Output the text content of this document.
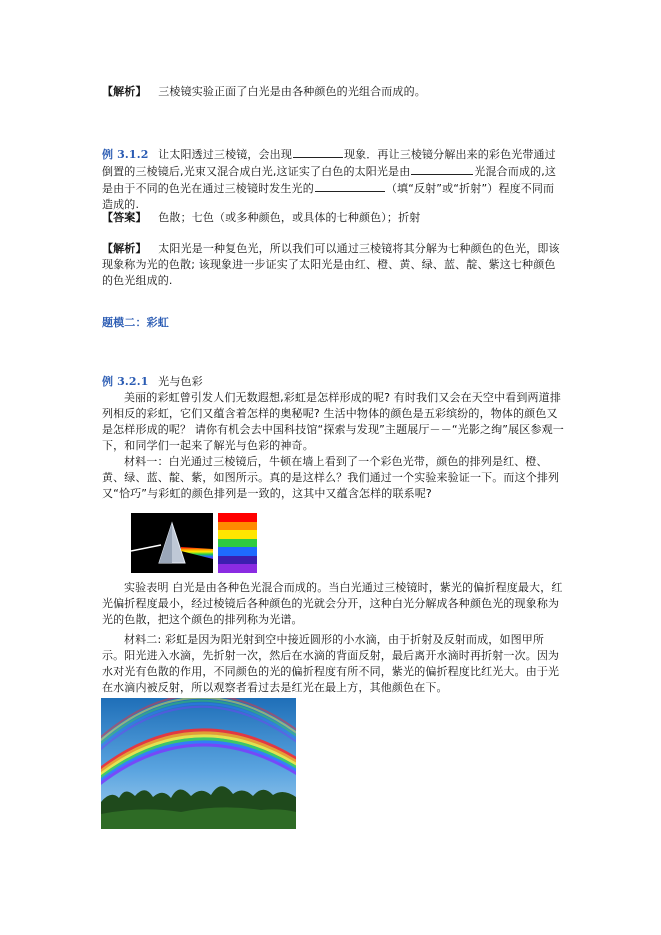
【解析】 三棱镜实验正面了白光是由各种颜色的光组合而成的。
例 3.1.2 让太阳透过三棱镜，会出现	现象．再让三棱镜分解出来的彩色光带通过倒置的三棱镜后,光束又混合成白光,这证实了白色的太阳光是由	光混合而成的,这是由于不同的色光在通过三棱镜时发生光的	（填“反射”或“折射”）程度不同而造成的.
【答案】 色散；七色（或多种颜色，或具体的七种颜色）；折射
【解析】 太阳光是一种复色光，所以我们可以通过三棱镜将其分解为七种颜色的色光，即该现象称为光的色散; 该现象进一步证实了太阳光是由红、橙、黄、绿、蓝、靛、紫这七种颜色的色光组成的.
题模二：彩虹
例 3.2.1 光与色彩
美丽的彩虹曾引发人们无数遐想,彩虹是怎样形成的呢? 有时我们又会在天空中看到两道排列相反的彩虹，它们又蕴含着怎样的奥秘呢? 生活中物体的颜色是五彩缤纷的，物体的颜色又是怎样形成的呢？ 请你有机会去中国科技馆“探索与发现”主题展厅－－“光影之绚”展区参观一下，和同学们一起来了解光与色彩的神奇。
材料一：白光通过三棱镜后，牛顿在墙上看到了一个彩色光带，颜色的排列是红、橙、黄、绿、蓝、靛、紫，如图所示。真的是这样么？我们通过一个实验来验证一下。而这个排列又“恰巧”与彩虹的颜色排列是一致的，这其中又蕴含怎样的联系呢?
实验表明 白光是由各种色光混合而成的。当白光通过三棱镜时，紫光的偏折程度最大，红光偏折程度最小，经过棱镜后各种颜色的光就会分开，这种白光分解成各种颜色光的现象称为光的色散，把这个颜色的排列称为光谱。
材料二: 彩虹是因为阳光射到空中接近圆形的小水滴，由于折射及反射而成，如图甲所示。阳光进入水滴，先折射一次，然后在水滴的背面反射，最后离开水滴时再折射一次。因为水对光有色散的作用，不同颜色的光的偏折程度有所不同，紫光的偏折程度比红光大。由于光在水滴内被反射，所以观察者看过去是红光在最上方，其他颜色在下。
